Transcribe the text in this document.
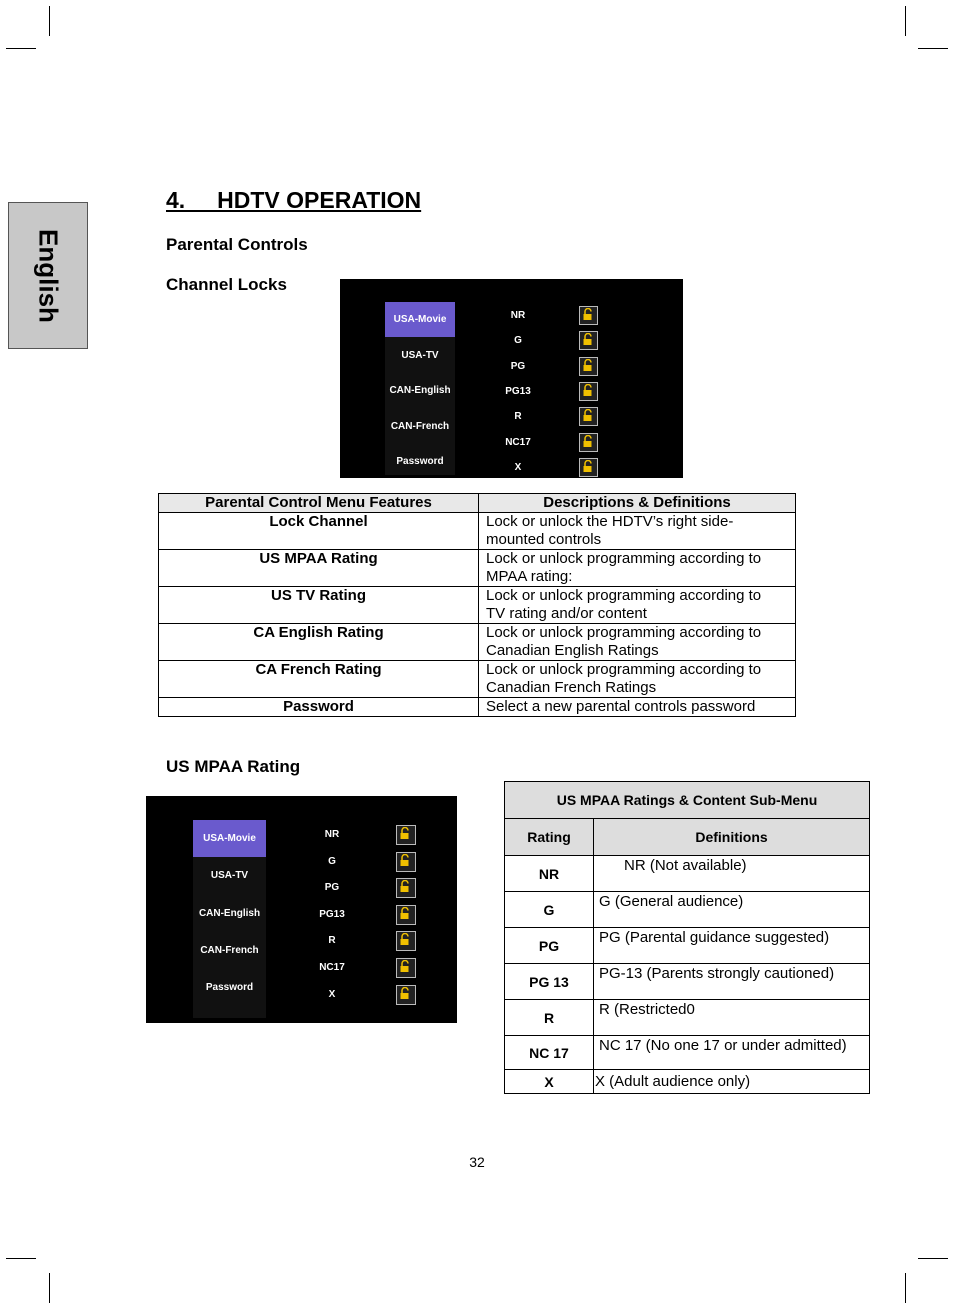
English
4.     HDTV OPERATION
Parental Controls
Channel Locks
USA-Movie
USA-TV
CAN-English
CAN-French
Password
NR
G
PG
PG13
R
NC17
X
Parental Control Menu Features	Descriptions & Definitions
Lock Channel	Lock or unlock the HDTV’s right side-
mounted controls

US MPAA Rating	Lock or unlock programming according to
MPAA rating:

US TV Rating	Lock or unlock programming according to
TV rating and/or content

CA English Rating	Lock or unlock programming according to
Canadian English Ratings

CA French Rating	Lock or unlock programming according to
Canadian French Ratings

Password	Select a new parental controls password
US MPAA Rating
USA-Movie
USA-TV
CAN-English
CAN-French
Password
NR
G
PG
PG13
R
NC17
X
US MPAA Ratings & Content Sub-Menu	
Rating	Definitions
NR	NR (Not available)
G	G (General audience)
PG	PG (Parental guidance suggested)
PG 13	PG-13 (Parents strongly cautioned)
R	R (Restricted0
NC 17	NC 17 (No one 17 or under admitted)
X	X (Adult audience only)
32
